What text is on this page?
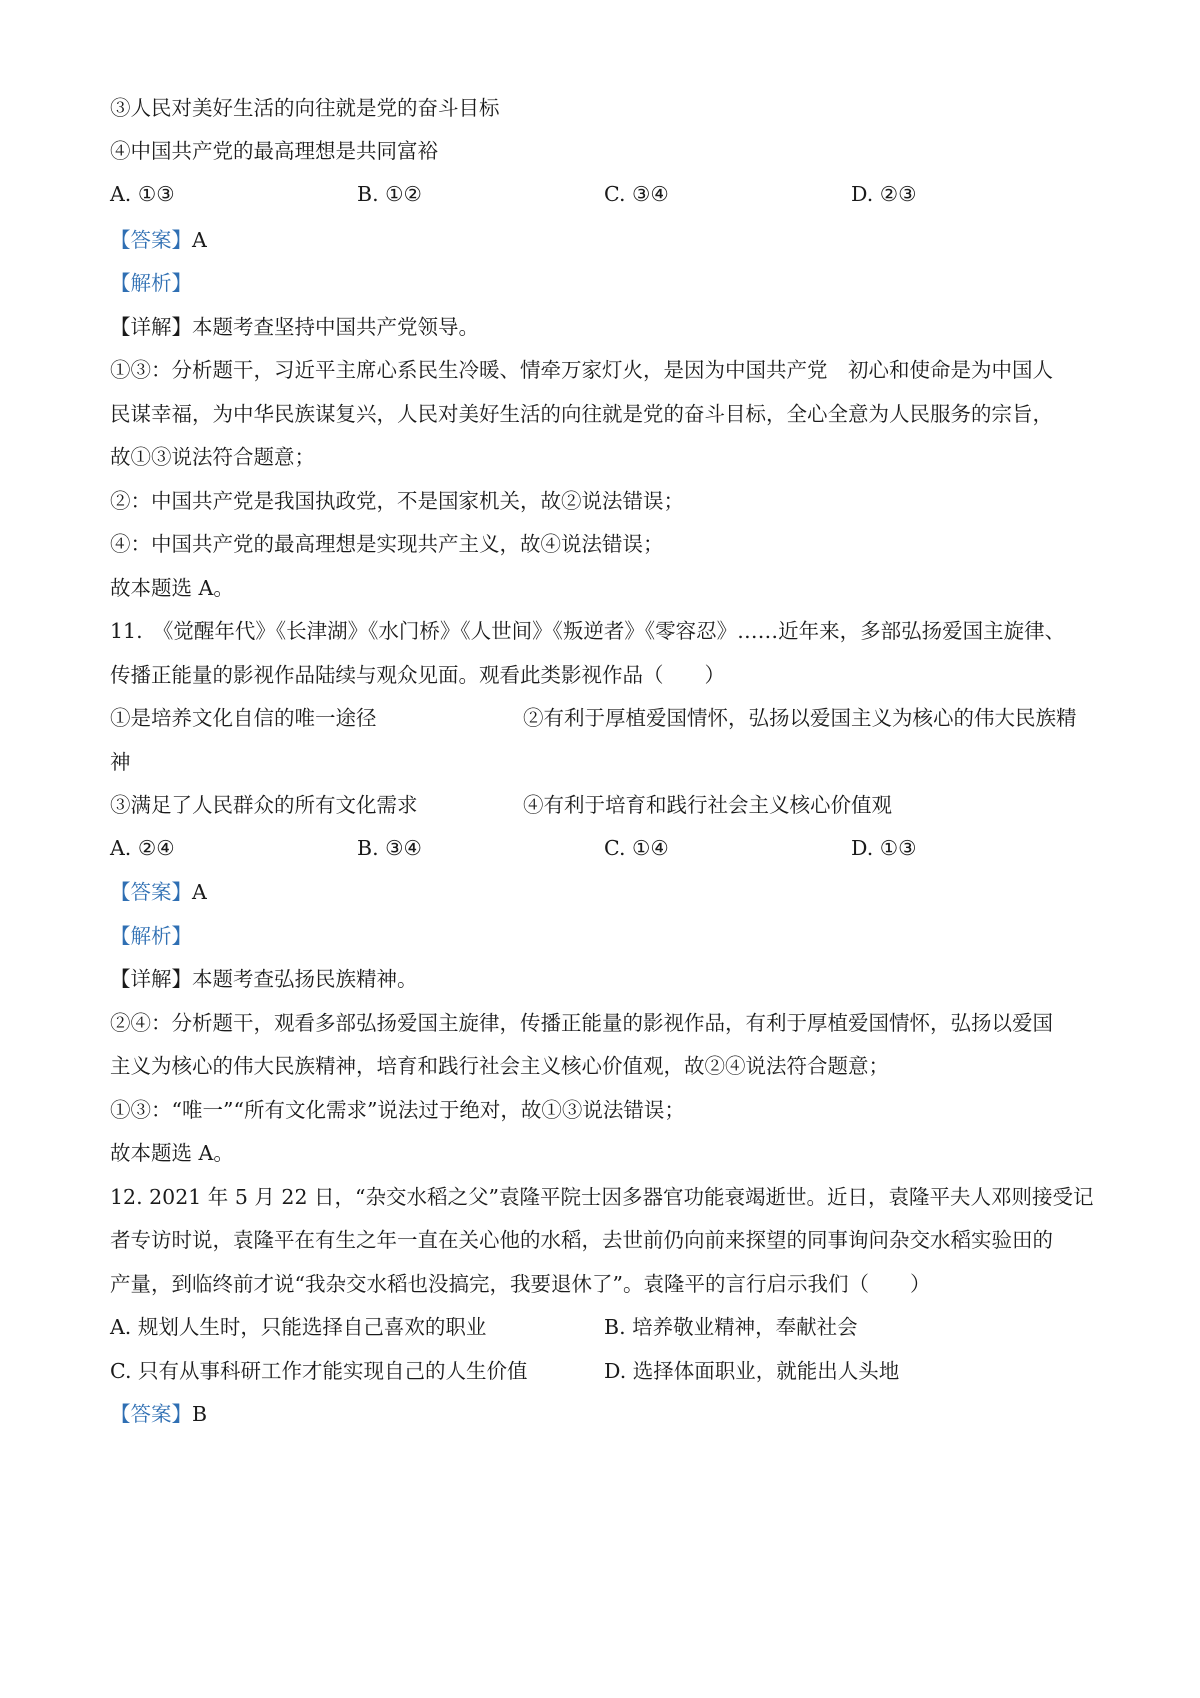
③人民对美好生活的向往就是党的奋斗目标
④中国共产党的最高理想是共同富裕
A. ①③	B. ①②	C. ③④	D. ②③
【答案】A
【解析】
【详解】本题考查坚持中国共产党领导。
①③：分析题干，习近平主席心系民生冷暖、情牵万家灯火，是因为中国共产党　初心和使命是为中国人
民谋幸福，为中华民族谋复兴，人民对美好生活的向往就是党的奋斗目标，全心全意为人民服务的宗旨，
故①③说法符合题意；
②：中国共产党是我国执政党，不是国家机关，故②说法错误；
④：中国共产党的最高理想是实现共产主义，故④说法错误；
故本题选 A。
11.　《觉醒年代》《长津湖》《水门桥》《人世间》《叛逆者》《零容忍》……近年来，多部弘扬爱国主旋律、
传播正能量的影视作品陆续与观众见面。观看此类影视作品（　　）
①是培养文化自信的唯一途径	②有利于厚植爱国情怀，弘扬以爱国主义为核心的伟大民族精
神
③满足了人民群众的所有文化需求	④有利于培育和践行社会主义核心价值观
A. ②④	B. ③④	C. ①④	D. ①③
【答案】A
【解析】
【详解】本题考查弘扬民族精神。
②④：分析题干，观看多部弘扬爱国主旋律，传播正能量的影视作品，有利于厚植爱国情怀，弘扬以爱国
主义为核心的伟大民族精神，培育和践行社会主义核心价值观，故②④说法符合题意；
①③：“唯一”“所有文化需求”说法过于绝对，故①③说法错误；
故本题选 A。
12. 2021 年 5 月 22 日，“杂交水稻之父”袁隆平院士因多器官功能衰竭逝世。近日，袁隆平夫人邓则接受记
者专访时说，袁隆平在有生之年一直在关心他的水稻，去世前仍向前来探望的同事询问杂交水稻实验田的
产量，到临终前才说“我杂交水稻也没搞完，我要退休了”。袁隆平的言行启示我们（　　）
A. 规划人生时，只能选择自己喜欢的职业	B. 培养敬业精神，奉献社会
C. 只有从事科研工作才能实现自己的人生价值	D. 选择体面职业，就能出人头地
【答案】B
